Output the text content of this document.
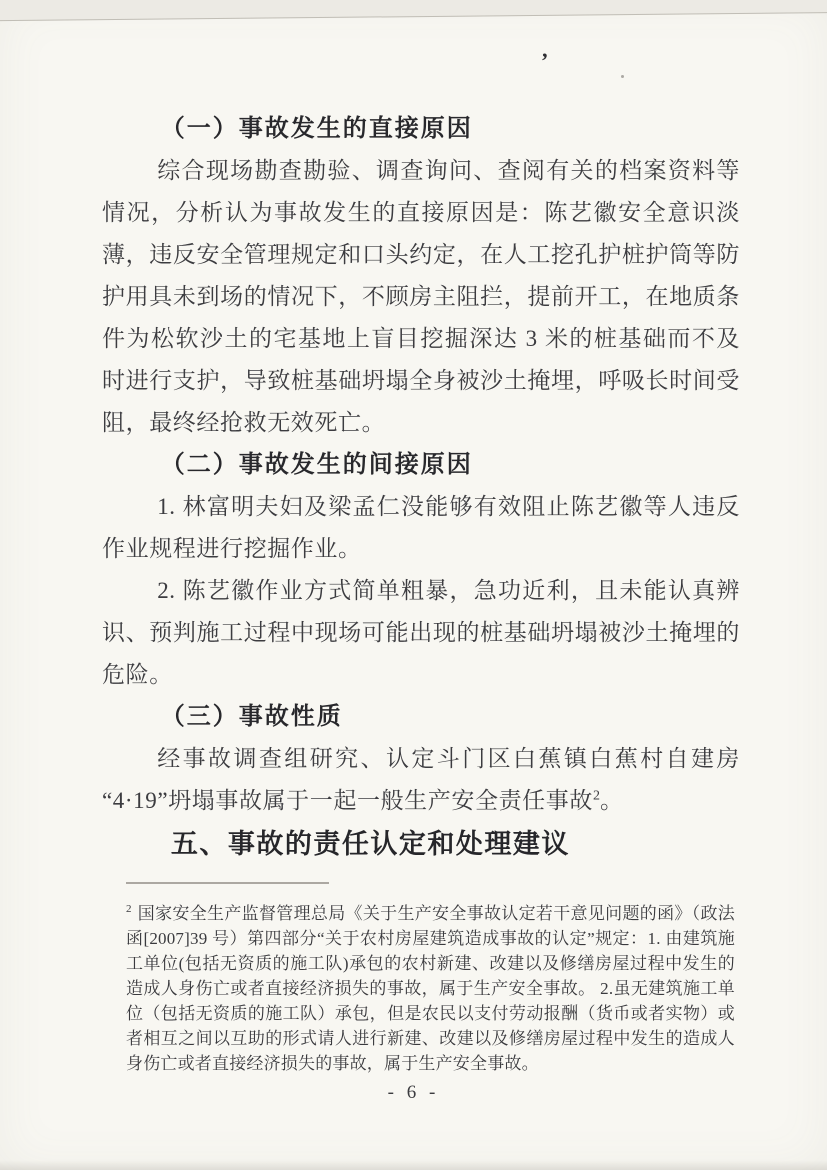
’
（一）事故发生的直接原因

综合现场勘查勘验、调查询问、查阅有关的档案资料等情况，分析认为事故发生的直接原因是：陈艺徽安全意识淡薄，违反安全管理规定和口头约定，在人工挖孔护桩护筒等防护用具未到场的情况下，不顾房主阻拦，提前开工，在地质条件为松软沙土的宅基地上盲目挖掘深达 3 米的桩基础而不及时进行支护，导致桩基础坍塌全身被沙土掩埋，呼吸长时间受阻，最终经抢救无效死亡。

（二）事故发生的间接原因

1. 林富明夫妇及梁孟仁没能够有效阻止陈艺徽等人违反作业规程进行挖掘作业。

2. 陈艺徽作业方式简单粗暴，急功近利，且未能认真辨识、预判施工过程中现场可能出现的桩基础坍塌被沙土掩埋的危险。

（三）事故性质

经事故调查组研究、认定斗门区白蕉镇白蕉村自建房“4·19”坍塌事故属于一起一般生产安全责任事故$^2$。

五、事故的责任认定和处理建议

$^2$ 国家安全生产监督管理总局《关于生产安全事故认定若干意见问题的函》（政法函[2007]39 号）第四部分“关于农村房屋建筑造成事故的认定”规定：1. 由建筑施工单位(包括无资质的施工队)承包的农村新建、改建以及修缮房屋过程中发生的造成人身伤亡或者直接经济损失的事故，属于生产安全事故。 2.虽无建筑施工单位（包括无资质的施工队）承包，但是农民以支付劳动报酬（货币或者实物）或者相互之间以互助的形式请人进行新建、改建以及修缮房屋过程中发生的造成人身伤亡或者直接经济损失的事故，属于生产安全事故。

- 6 -
